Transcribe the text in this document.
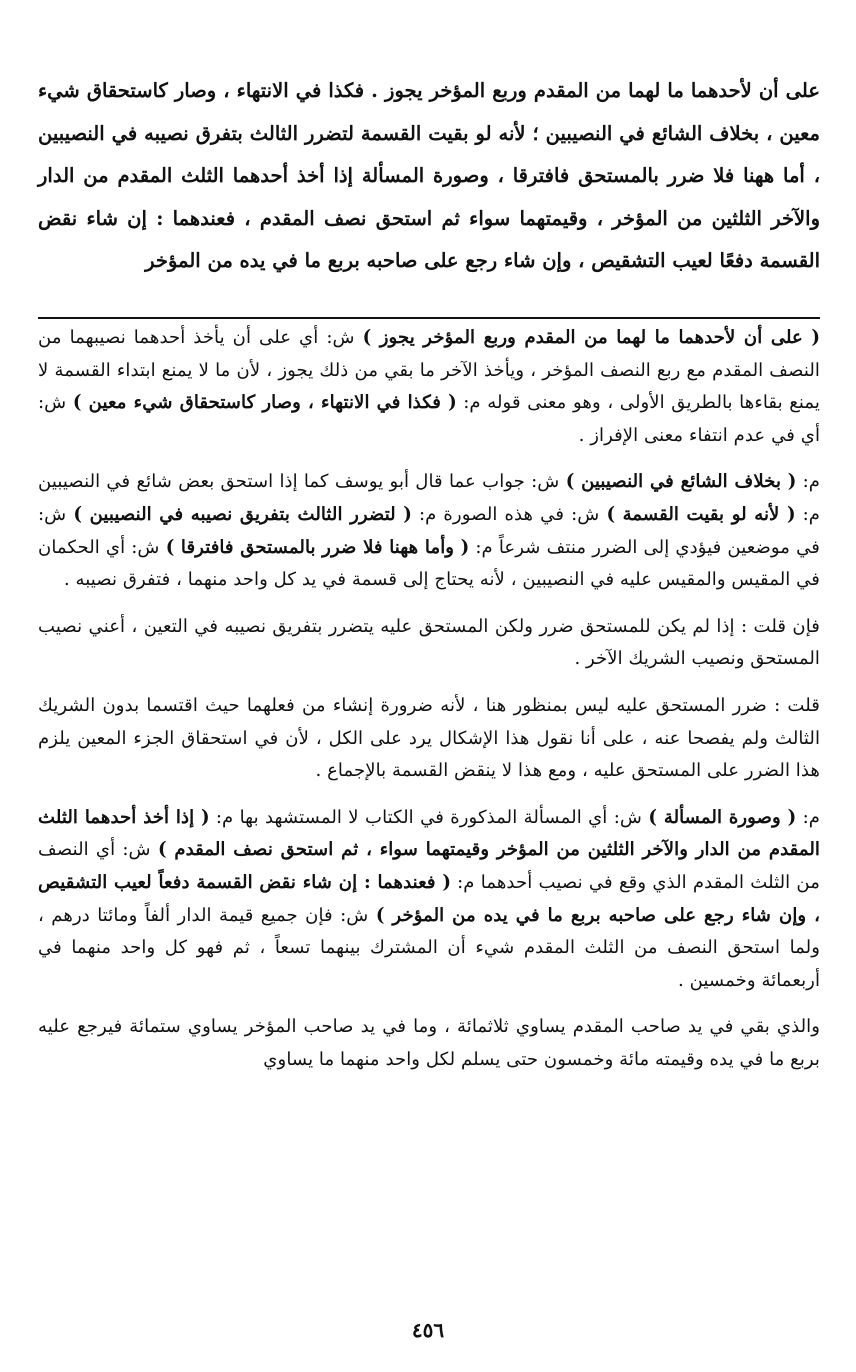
على أن لأحدهما ما لهما من المقدم وربع المؤخر يجوز . فكذا في الانتهاء ، وصار كاستحقاق شيء معين ، بخلاف الشائع في النصيبين ؛ لأنه لو بقيت القسمة لتضرر الثالث بتفرق نصيبه في النصيبين ، أما ههنا فلا ضرر بالمستحق فافترقا ، وصورة المسألة إذا أخذ أحدهما الثلث المقدم من الدار والآخر الثلثين من المؤخر ، وقيمتهما سواء ثم استحق نصف المقدم ، فعندهما : إن شاء نقض القسمة دفعًا لعيب التشقيص ، وإن شاء رجع على صاحبه بربع ما في يده من المؤخر

( على أن لأحدهما ما لهما من المقدم وربع المؤخر يجوز ) ش: أي على أن يأخذ أحدهما نصيبهما من النصف المقدم مع ربع النصف المؤخر ، ويأخذ الآخر ما بقي من ذلك يجوز ، لأن ما لا يمنع ابتداء القسمة لا يمنع بقاءها بالطريق الأولى ، وهو معنى قوله م: ( فكذا في الانتهاء ، وصار كاستحقاق شيء معين ) ش: أي في عدم انتفاء معنى الإفراز .

م: ( بخلاف الشائع في النصيبين ) ش: جواب عما قال أبو يوسف كما إذا استحق بعض شائع في النصيبين م: ( لأنه لو بقيت القسمة ) ش: في هذه الصورة م: ( لتضرر الثالث بتفريق نصيبه في النصيبين ) ش: في موضعين فيؤدي إلى الضرر منتف شرعاً م: ( وأما ههنا فلا ضرر بالمستحق فافترقا ) ش: أي الحكمان في المقيس والمقيس عليه في النصيبين ، لأنه يحتاج إلى قسمة في يد كل واحد منهما ، فتفرق نصيبه .

فإن قلت : إذا لم يكن للمستحق ضرر ولكن المستحق عليه يتضرر بتفريق نصيبه في التعين ، أعني نصيب المستحق ونصيب الشريك الآخر .

قلت : ضرر المستحق عليه ليس بمنظور هنا ، لأنه ضرورة إنشاء من فعلهما حيث اقتسما بدون الشريك الثالث ولم يفصحا عنه ، على أنا نقول هذا الإشكال يرد على الكل ، لأن في استحقاق الجزء المعين يلزم هذا الضرر على المستحق عليه ، ومع هذا لا ينقض القسمة بالإجماع .

م: ( وصورة المسألة ) ش: أي المسألة المذكورة في الكتاب لا المستشهد بها م: ( إذا أخذ أحدهما الثلث المقدم من الدار والآخر الثلثين من المؤخر وقيمتهما سواء ، ثم استحق نصف المقدم ) ش: أي النصف من الثلث المقدم الذي وقع في نصيب أحدهما م: ( فعندهما : إن شاء نقض القسمة دفعاً لعيب التشقيص ، وإن شاء رجع على صاحبه بربع ما في يده من المؤخر ) ش: فإن جميع قيمة الدار ألفاً ومائتا درهم ، ولما استحق النصف من الثلث المقدم شيء أن المشترك بينهما تسعاً ، ثم فهو كل واحد منهما في أربعمائة وخمسين .

والذي بقي في يد صاحب المقدم يساوي ثلاثمائة ، وما في يد صاحب المؤخر يساوي ستمائة فيرجع عليه بربع ما في يده وقيمته مائة وخمسون حتى يسلم لكل واحد منهما ما يساوي

٤٥٦
